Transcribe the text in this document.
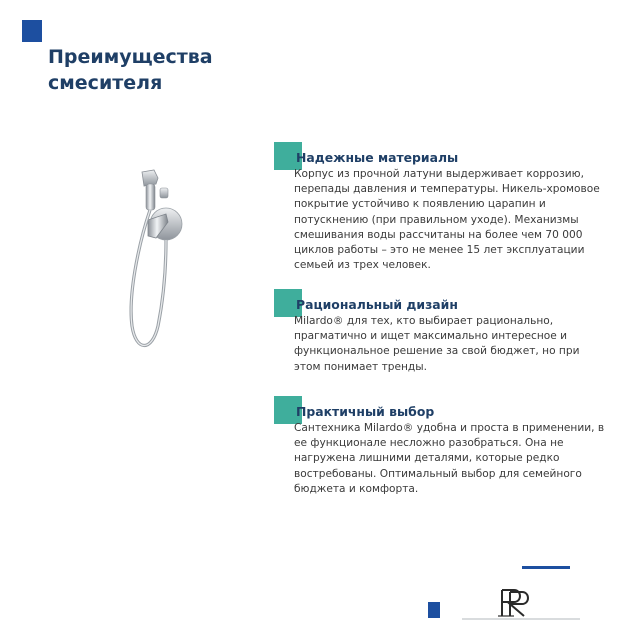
Преимущества
смесителя
Надежные материалы

Корпус из прочной латуни выдерживает коррозию, перепады давления и температуры. Никель-хромовое покрытие устойчиво к появлению царапин и потускнению (при правильном уходе). Механизмы смешивания воды рассчитаны на более чем 70 000 циклов работы – это не менее 15 лет эксплуатации семьей из трех человек.

Рациональный дизайн

Milardo® для тех, кто выбирает рационально, прагматично и ищет максимально интересное и функциональное решение за свой бюджет, но при этом понимает тренды.

Практичный выбор

Сантехника Milardo® удобна и проста в применении, в ее функционале несложно разобраться. Она не нагружена лишними деталями, которые редко востребованы. Оптимальный выбор для семейного бюджета и комфорта.
